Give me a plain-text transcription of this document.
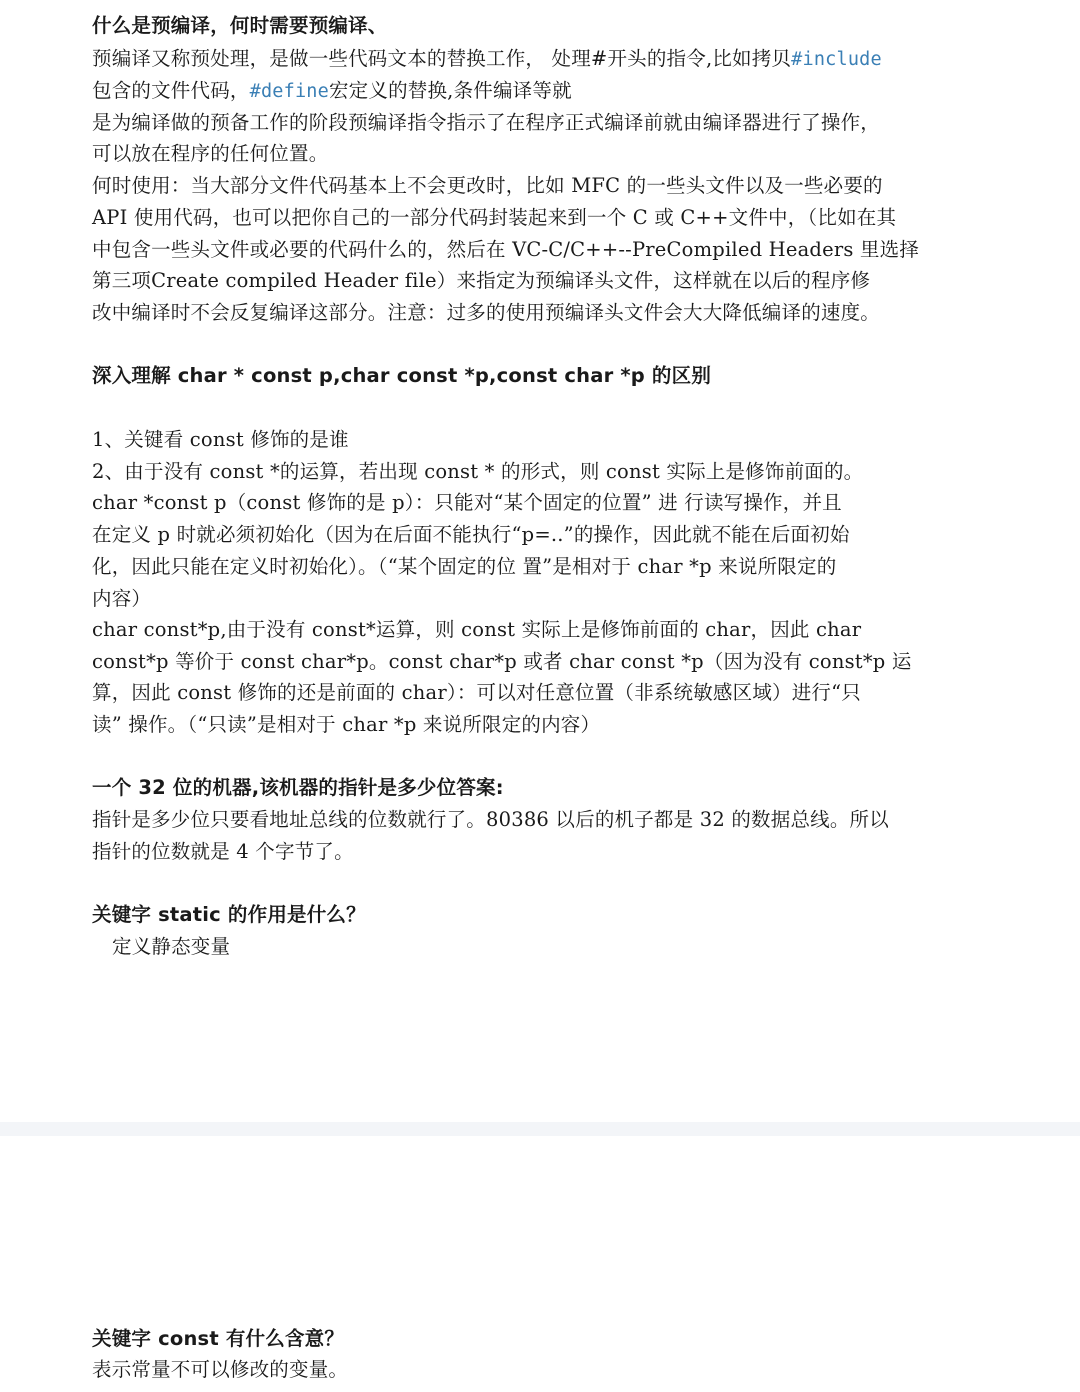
什么是预编译，何时需要预编译、
预编译又称预处理，是做一些代码文本的替换工作， 处理#开头的指令,比如拷贝#include
包含的文件代码，#define宏定义的替换,条件编译等就
是为编译做的预备工作的阶段预编译指令指示了在程序正式编译前就由编译器进行了操作，
可以放在程序的任何位置。
何时使用：当大部分文件代码基本上不会更改时，比如 MFC 的一些头文件以及一些必要的
API 使用代码，也可以把你自己的一部分代码封装起来到一个 C 或 C++文件中，（比如在其
中包含一些头文件或必要的代码什么的，然后在 VC-C/C++--PreCompiled Headers 里选择
第三项Create compiled Header file）来指定为预编译头文件，这样就在以后的程序修
改中编译时不会反复编译这部分。注意：过多的使用预编译头文件会大大降低编译的速度。
深入理解 char * const p,char const *p,const char *p 的区别
1、关键看 const 修饰的是谁
2、由于没有 const *的运算，若出现 const * 的形式，则 const 实际上是修饰前面的。
char *const p（const 修饰的是 p）：只能对“某个固定的位置” 进 行读写操作，并且
在定义 p 时就必须初始化（因为在后面不能执行“p=..”的操作，因此就不能在后面初始
化，因此只能在定义时初始化）。（“某个固定的位 置”是相对于 char *p 来说所限定的
内容）
char const*p,由于没有 const*运算，则 const 实际上是修饰前面的 char，因此 char
const*p 等价于 const char*p。const char*p 或者 char const *p（因为没有 const*p 运
算，因此 const 修饰的还是前面的 char）：可以对任意位置（非系统敏感区域）进行“只
读” 操作。（“只读”是相对于 char *p 来说所限定的内容）
一个 32 位的机器,该机器的指针是多少位答案:
指针是多少位只要看地址总线的位数就行了。80386 以后的机子都是 32 的数据总线。所以
指针的位数就是 4 个字节了。
关键字 static 的作用是什么？
定义静态变量
关键字 const 有什么含意？
表示常量不可以修改的变量。
